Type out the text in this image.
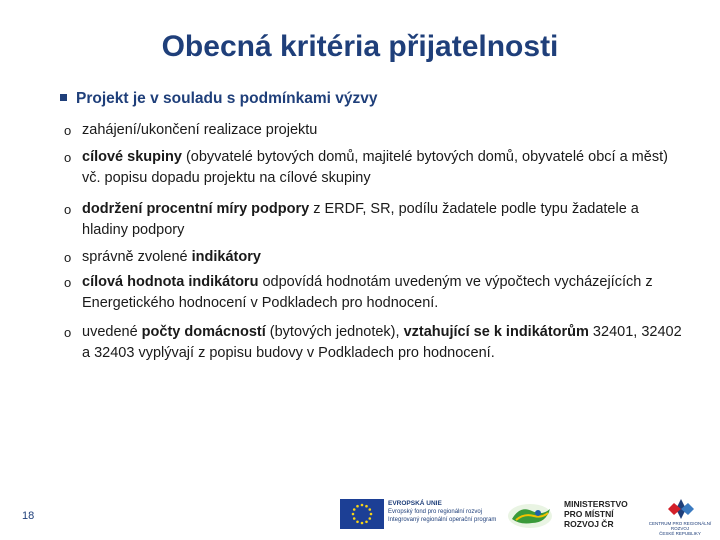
Obecná kritéria přijatelnosti
Projekt je v souladu s podmínkami výzvy
o zahájení/ukončení realizace projektu
o cílové skupiny (obyvatelé bytových domů, majitelé bytových domů, obyvatelé obcí a měst) vč. popisu dopadu projektu na cílové skupiny
o dodržení procentní míry podpory z ERDF, SR, podílu žadatele podle typu žadatele a hladiny podpory
o správně zvolené indikátory
o cílová hodnota indikátoru odpovídá hodnotám uvedeným ve výpočtech vycházejících z Energetického hodnocení v Podkladech pro hodnocení.
o uvedené počty domácností (bytových jednotek), vztahující se k indikátorům 32401, 32402 a 32403 vyplývají z popisu budovy v Podkladech pro hodnocení.
18
EVROPSKÁ UNIE
Evropský fond pro regionální rozvoj
Integrovaný regionální operační program
MINISTERSTVO
PRO MÍSTNÍ
ROZVOJ ČR	CENTRUM PRO REGIONÁLNÍ ROZVOJ
ČESKÉ REPUBLIKY
